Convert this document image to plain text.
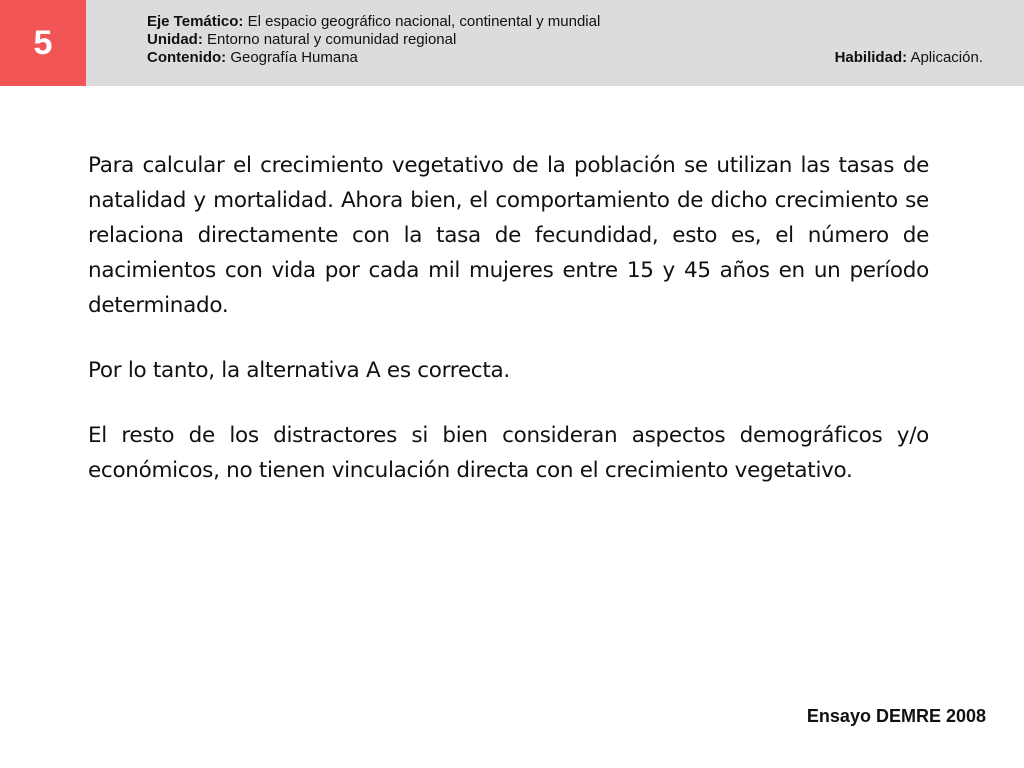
5
Eje Temático: El espacio geográfico nacional, continental y mundial
Unidad: Entorno natural y comunidad regional
Contenido: Geografía Humana	Habilidad: Aplicación.

Para calcular el crecimiento vegetativo de la población se utilizan las tasas de natalidad y mortalidad. Ahora bien, el comportamiento de dicho crecimiento se relaciona directamente con la tasa de fecundidad, esto es, el número de nacimientos con vida por cada mil mujeres entre 15 y 45 años en un período determinado.

Por lo tanto, la alternativa A es correcta.

El resto de los distractores si bien consideran aspectos demográficos y/o económicos, no tienen vinculación directa con el crecimiento vegetativo.

Ensayo DEMRE 2008
